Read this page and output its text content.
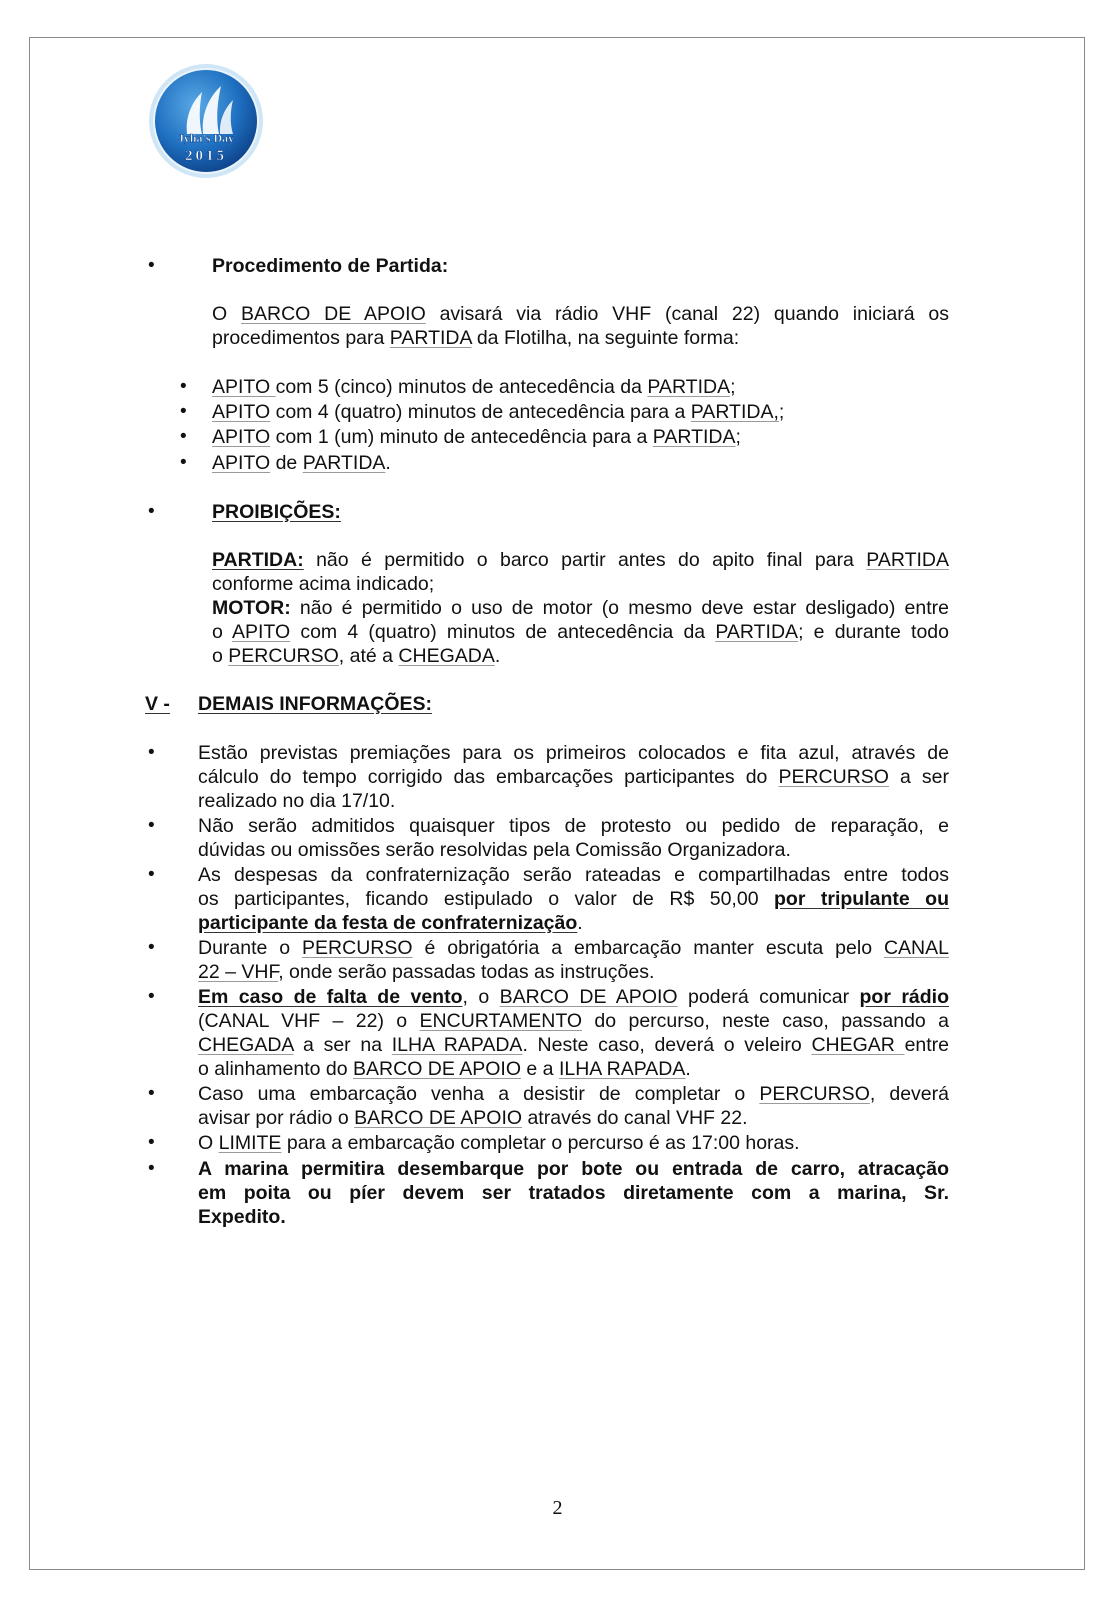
Jylia's Day
2015
•	Procedimento de Partida:
O BARCO DE APOIO avisará via rádio VHF (canal 22) quando iniciará os
procedimentos para PARTIDA da Flotilha, na seguinte forma:
• APITO com 5 (cinco) minutos de antecedência da PARTIDA;
• APITO com 4 (quatro) minutos de antecedência para a PARTIDA,;
• APITO com 1 (um) minuto de antecedência para a PARTIDA;
• APITO de PARTIDA.
•	PROIBIÇÕES:
PARTIDA: não é permitido o barco partir antes do apito final para PARTIDA
conforme acima indicado;
MOTOR: não é permitido o uso de motor (o mesmo deve estar desligado) entre
o APITO com 4 (quatro) minutos de antecedência da PARTIDA; e durante todo
o PERCURSO, até a CHEGADA.
V - DEMAIS INFORMAÇÕES:
• Estão previstas premiações para os primeiros colocados e fita azul, através de
cálculo do tempo corrigido das embarcações participantes do PERCURSO a ser
realizado no dia 17/10.
• Não serão admitidos quaisquer tipos de protesto ou pedido de reparação, e
dúvidas ou omissões serão resolvidas pela Comissão Organizadora.
• As despesas da confraternização serão rateadas e compartilhadas entre todos
os participantes, ficando estipulado o valor de R$ 50,00 por tripulante ou
participante da festa de confraternização.
• Durante o PERCURSO é obrigatória a embarcação manter escuta pelo CANAL
22 – VHF, onde serão passadas todas as instruções.
• Em caso de falta de vento, o BARCO DE APOIO poderá comunicar por rádio
(CANAL VHF – 22) o ENCURTAMENTO do percurso, neste caso, passando a
CHEGADA a ser na ILHA RAPADA. Neste caso, deverá o veleiro CHEGAR entre
o alinhamento do BARCO DE APOIO e a ILHA RAPADA.
• Caso uma embarcação venha a desistir de completar o PERCURSO, deverá
avisar por rádio o BARCO DE APOIO através do canal VHF 22.
• O LIMITE para a embarcação completar o percurso é as 17:00 horas.
• A marina permitira desembarque por bote ou entrada de carro, atracação
em poita ou píer devem ser tratados diretamente com a marina, Sr.
Expedito.
2
